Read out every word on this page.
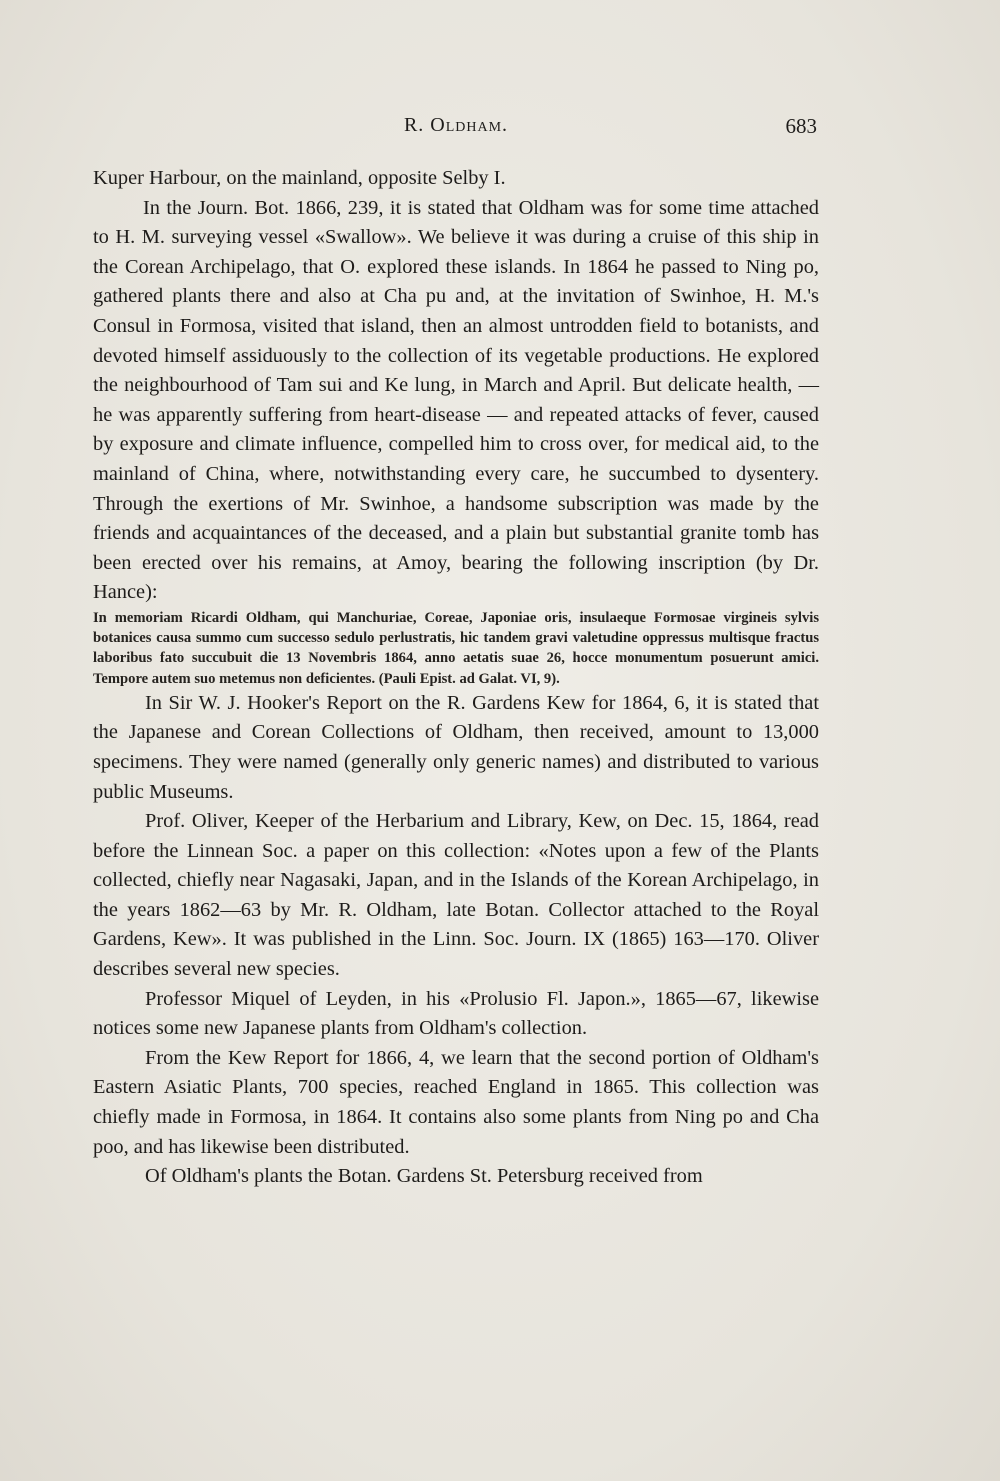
R. Oldham.	683

Kuper Harbour, on the mainland, opposite Selby I.

In the Journ. Bot. 1866, 239, it is stated that Oldham was for some time attached to H. M. surveying vessel «Swallow». We believe it was during a cruise of this ship in the Corean Archipelago, that O. explored these islands. In 1864 he passed to Ning po, gathered plants there and also at Cha pu and, at the invitation of Swinhoe, H. M.'s Consul in Formosa, visited that island, then an almost untrodden field to botanists, and devoted himself assiduously to the collection of its vegetable productions. He explored the neighbourhood of Tam sui and Ke lung, in March and April. But delicate health, — he was apparently suffering from heart-disease — and repeated attacks of fever, caused by exposure and climate influence, compelled him to cross over, for medical aid, to the mainland of China, where, notwithstanding every care, he succumbed to dysentery. Through the exertions of Mr. Swinhoe, a handsome subscription was made by the friends and acquaintances of the deceased, and a plain but substantial granite tomb has been erected over his remains, at Amoy, bearing the following inscription (by Dr. Hance):

In memoriam Ricardi Oldham, qui Manchuriae, Coreae, Japoniae oris, insulaeque Formosae virgineis sylvis botanices causa summo cum successo sedulo perlustratis, hic tandem gravi valetudine oppressus multisque fractus laboribus fato succubuit die 13 Novembris 1864, anno aetatis suae 26, hocce monumentum posuerunt amici. Tempore autem suo metemus non deficientes. (Pauli Epist. ad Galat. VI, 9).

In Sir W. J. Hooker's Report on the R. Gardens Kew for 1864, 6, it is stated that the Japanese and Corean Collections of Oldham, then received, amount to 13,000 specimens. They were named (generally only generic names) and distributed to various public Museums.

Prof. Oliver, Keeper of the Herbarium and Library, Kew, on Dec. 15, 1864, read before the Linnean Soc. a paper on this collection: «Notes upon a few of the Plants collected, chiefly near Nagasaki, Japan, and in the Islands of the Korean Archipelago, in the years 1862—63 by Mr. R. Oldham, late Botan. Collector attached to the Royal Gardens, Kew». It was published in the Linn. Soc. Journ. IX (1865) 163—170. Oliver describes several new species.

Professor Miquel of Leyden, in his «Prolusio Fl. Japon.», 1865—67, likewise notices some new Japanese plants from Oldham's collection.

From the Kew Report for 1866, 4, we learn that the second portion of Oldham's Eastern Asiatic Plants, 700 species, reached England in 1865. This collection was chiefly made in Formosa, in 1864. It contains also some plants from Ning po and Cha poo, and has likewise been distributed.

Of Oldham's plants the Botan. Gardens St. Petersburg received from
